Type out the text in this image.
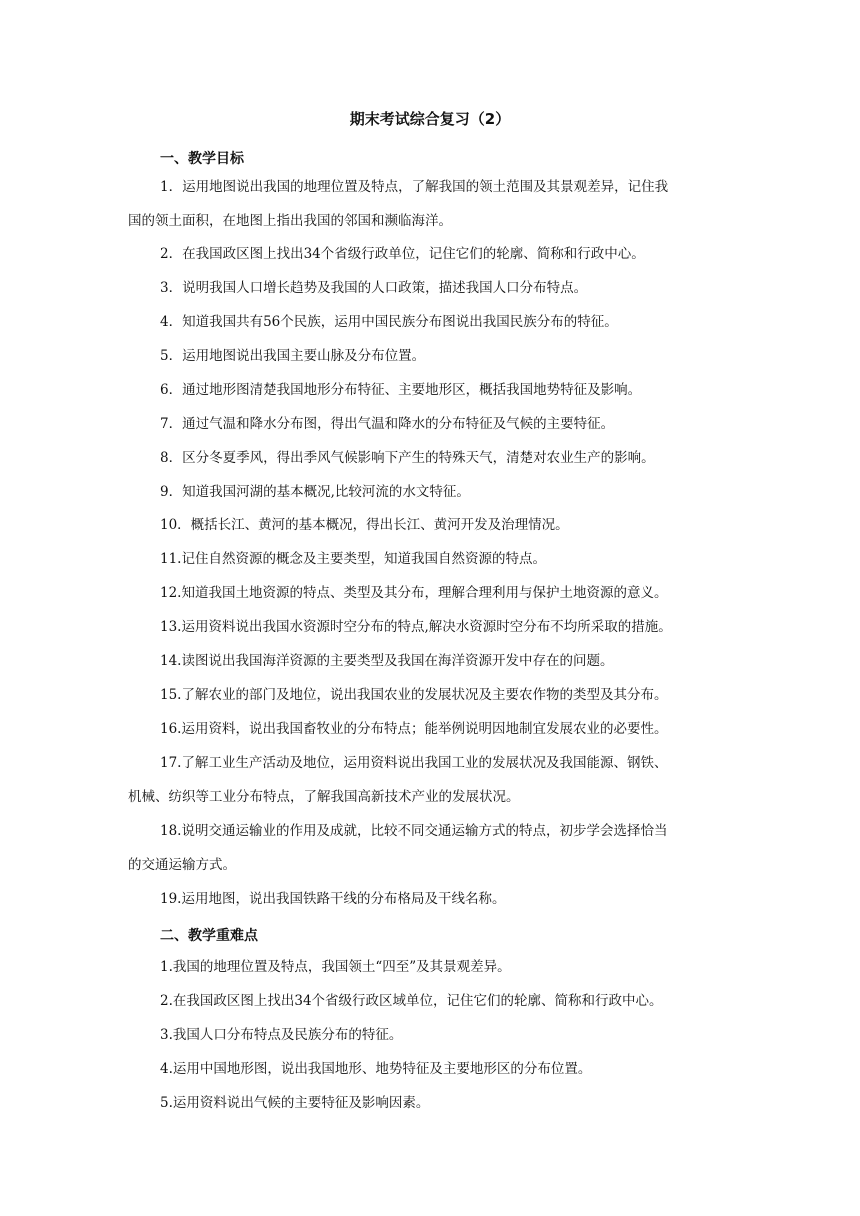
期末考试综合复习（2）
一、教学目标
1．运用地图说出我国的地理位置及特点，了解我国的领土范围及其景观差异，记住我
国的领土面积，在地图上指出我国的邻国和濒临海洋。
2．在我国政区图上找出34个省级行政单位，记住它们的轮廓、简称和行政中心。
3．说明我国人口增长趋势及我国的人口政策，描述我国人口分布特点。
4．知道我国共有56个民族，运用中国民族分布图说出我国民族分布的特征。
5．运用地图说出我国主要山脉及分布位置。
6．通过地形图清楚我国地形分布特征、主要地形区，概括我国地势特征及影响。
7．通过气温和降水分布图，得出气温和降水的分布特征及气候的主要特征。
8．区分冬夏季风，得出季风气候影响下产生的特殊天气，清楚对农业生产的影响。
9．知道我国河湖的基本概况,比较河流的水文特征。
10．概括长江、黄河的基本概况，得出长江、黄河开发及治理情况。
11.记住自然资源的概念及主要类型，知道我国自然资源的特点。
12.知道我国土地资源的特点、类型及其分布，理解合理利用与保护土地资源的意义。
13.运用资料说出我国水资源时空分布的特点,解决水资源时空分布不均所采取的措施。
14.读图说出我国海洋资源的主要类型及我国在海洋资源开发中存在的问题。
15.了解农业的部门及地位，说出我国农业的发展状况及主要农作物的类型及其分布。
16.运用资料，说出我国畜牧业的分布特点；能举例说明因地制宜发展农业的必要性。
17.了解工业生产活动及地位，运用资料说出我国工业的发展状况及我国能源、钢铁、
机械、纺织等工业分布特点，了解我国高新技术产业的发展状况。
18.说明交通运输业的作用及成就，比较不同交通运输方式的特点，初步学会选择恰当
的交通运输方式。
19.运用地图，说出我国铁路干线的分布格局及干线名称。
二、教学重难点
1.我国的地理位置及特点，我国领土“四至”及其景观差异。
2.在我国政区图上找出34个省级行政区域单位，记住它们的轮廓、简称和行政中心。
3.我国人口分布特点及民族分布的特征。
4.运用中国地形图，说出我国地形、地势特征及主要地形区的分布位置。
5.运用资料说出气候的主要特征及影响因素。
